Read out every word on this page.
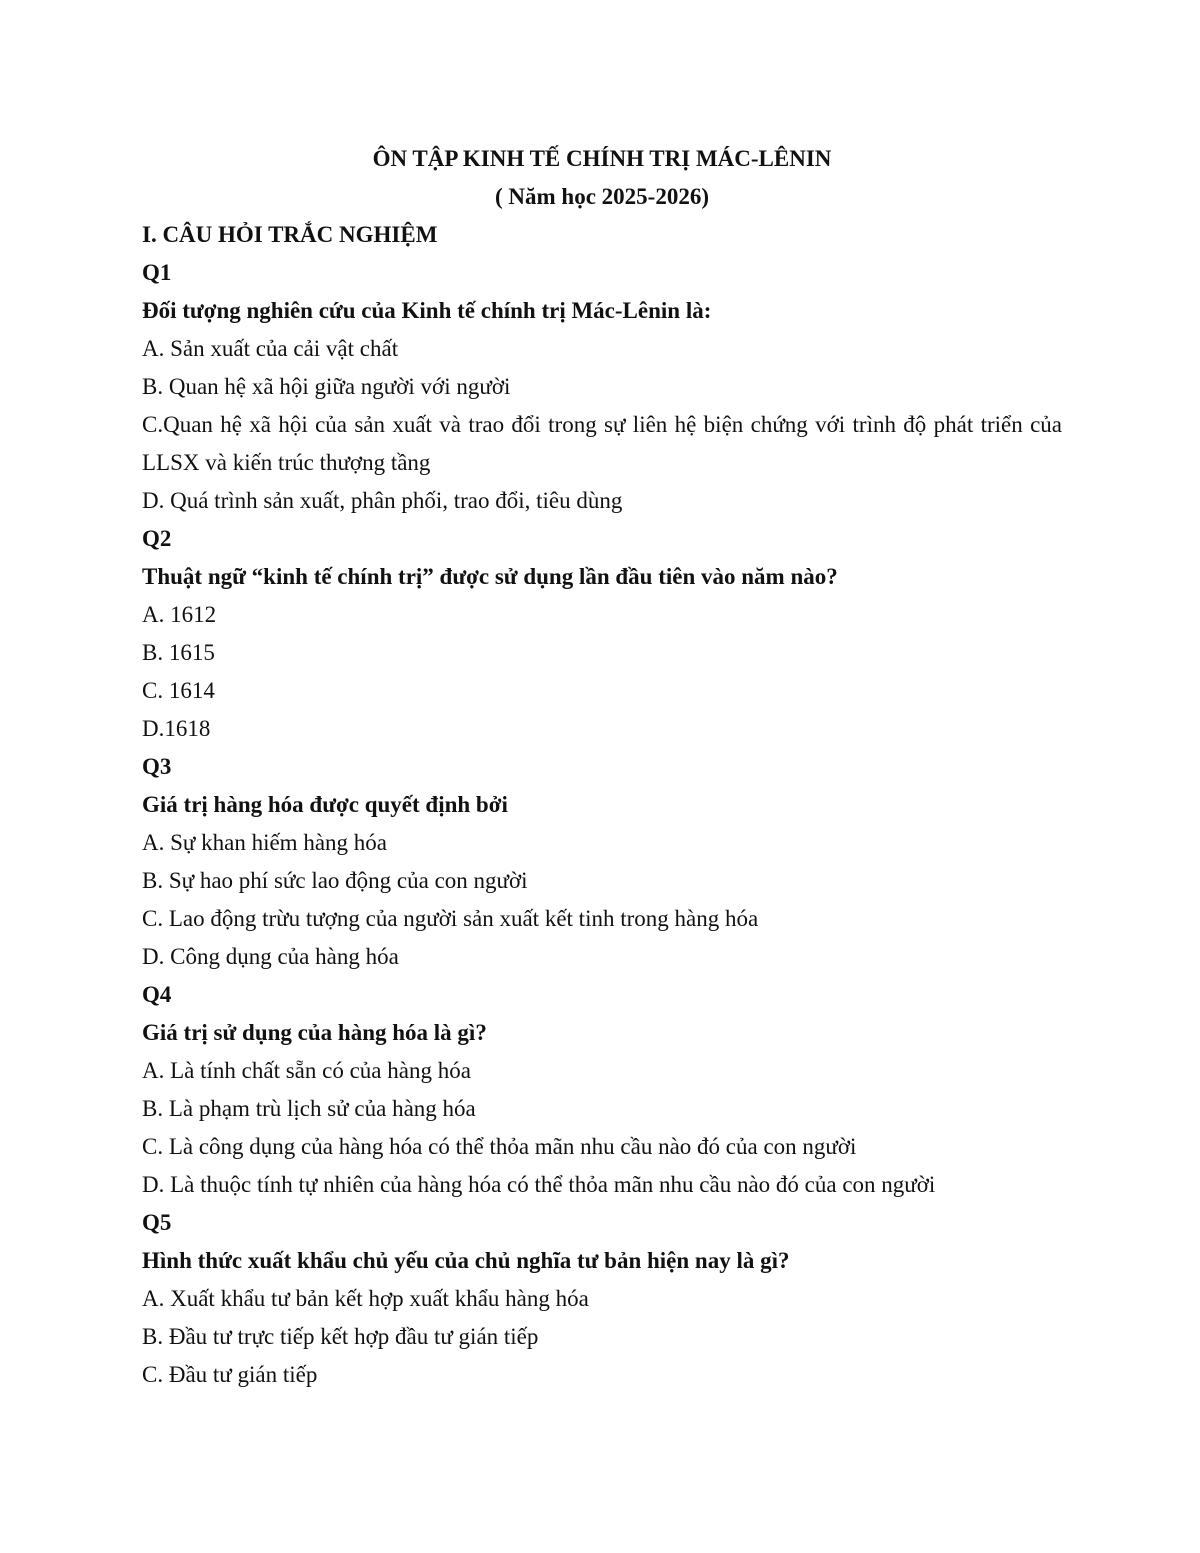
ÔN TẬP KINH TẾ CHÍNH TRỊ MÁC-LÊNIN
( Năm học 2025-2026)
I. CÂU HỎI TRẮC NGHIỆM
Q1
Đối tượng nghiên cứu của Kinh tế chính trị Mác-Lênin là:
A. Sản xuất của cải vật chất
B. Quan hệ xã hội giữa người với người
C.Quan hệ xã hội của sản xuất và trao đổi trong sự liên hệ biện chứng với trình độ phát triển của LLSX và kiến trúc thượng tầng
D. Quá trình sản xuất, phân phối, trao đổi, tiêu dùng
Q2
Thuật ngữ “kinh tế chính trị” được sử dụng lần đầu tiên vào năm nào?
A. 1612
B. 1615
C. 1614
D.1618
Q3
Giá trị hàng hóa được quyết định bởi
A. Sự khan hiếm hàng hóa
B. Sự hao phí sức lao động của con người
C. Lao động trừu tượng của người sản xuất kết tinh trong hàng hóa
D. Công dụng của hàng hóa
Q4
Giá trị sử dụng của hàng hóa là gì?
A. Là tính chất sẵn có của hàng hóa
B. Là phạm trù lịch sử của hàng hóa
C. Là công dụng của hàng hóa có thể thỏa mãn nhu cầu nào đó của con người
D. Là thuộc tính tự nhiên của hàng hóa có thể thỏa mãn nhu cầu nào đó của con người
Q5
Hình thức xuất khẩu chủ yếu của chủ nghĩa tư bản hiện nay là gì?
A. Xuất khẩu tư bản kết hợp xuất khẩu hàng hóa
B. Đầu tư trực tiếp kết hợp đầu tư gián tiếp
C. Đầu tư gián tiếp
